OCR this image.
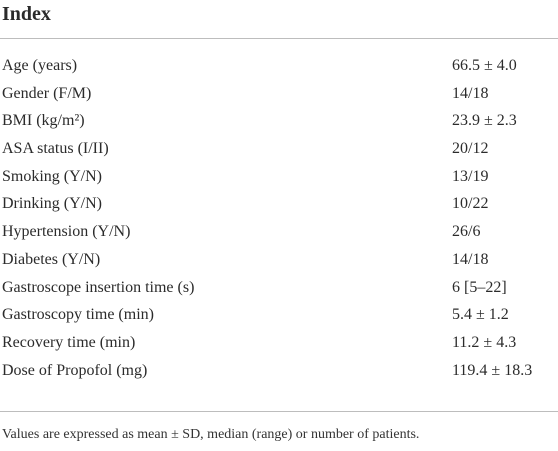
Index
Age (years)	66.5 ± 4.0
Gender (F/M)	14/18
BMI (kg/m²)	23.9 ± 2.3
ASA status (I/II)	20/12
Smoking (Y/N)	13/19
Drinking (Y/N)	10/22
Hypertension (Y/N)	26/6
Diabetes (Y/N)	14/18
Gastroscope insertion time (s)	6 [5–22]
Gastroscopy time (min)	5.4 ± 1.2
Recovery time (min)	11.2 ± 4.3
Dose of Propofol (mg)	119.4 ± 18.3
Values are expressed as mean ± SD, median (range) or number of patients.
